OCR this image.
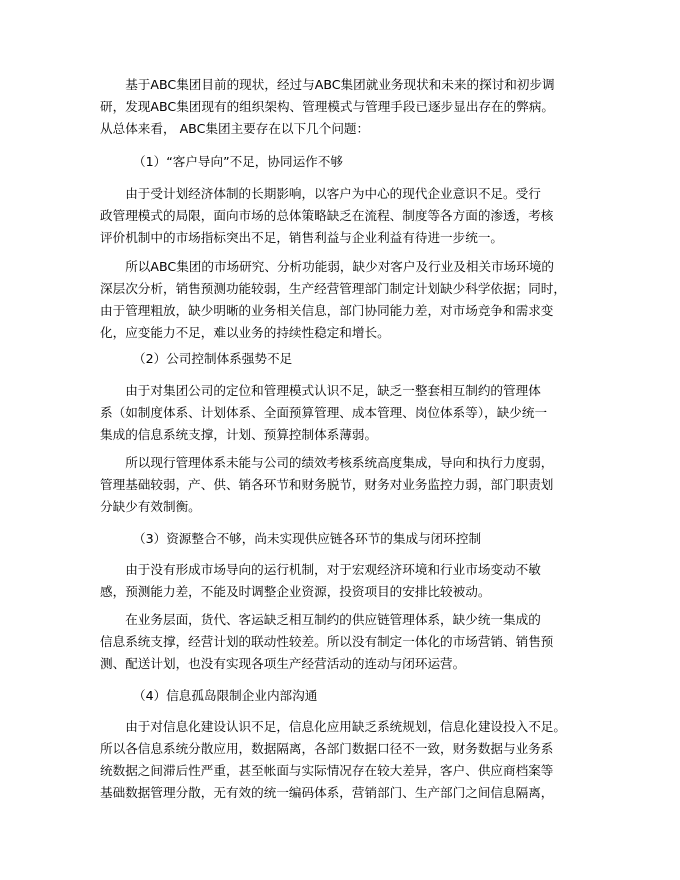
　　基于ABC集团目前的现状，经过与ABC集团就业务现状和未来的探讨和初步调
研，发现ABC集团现有的组织架构、管理模式与管理手段已逐步显出存在的弊病。
从总体来看， ABC集团主要存在以下几个问题：
（1）“客户导向”不足，协同运作不够
　　由于受计划经济体制的长期影响，以客户为中心的现代企业意识不足。受行
政管理模式的局限，面向市场的总体策略缺乏在流程、制度等各方面的渗透，考核
评价机制中的市场指标突出不足，销售利益与企业利益有待进一步统一。
　　所以ABC集团的市场研究、分析功能弱，缺少对客户及行业及相关市场环境的
深层次分析，销售预测功能较弱，生产经营管理部门制定计划缺少科学依据；同时，
由于管理粗放，缺少明晰的业务相关信息，部门协同能力差，对市场竞争和需求变
化，应变能力不足，难以业务的持续性稳定和增长。
（2）公司控制体系强势不足
　　由于对集团公司的定位和管理模式认识不足，缺乏一整套相互制约的管理体
系（如制度体系、计划体系、全面预算管理、成本管理、岗位体系等），缺少统一
集成的信息系统支撑，计划、预算控制体系薄弱。
　　所以现行管理体系未能与公司的绩效考核系统高度集成，导向和执行力度弱，
管理基础较弱，产、供、销各环节和财务脱节，财务对业务监控力弱，部门职责划
分缺少有效制衡。
（3）资源整合不够，尚未实现供应链各环节的集成与闭环控制
　　由于没有形成市场导向的运行机制，对于宏观经济环境和行业市场变动不敏
感，预测能力差，不能及时调整企业资源，投资项目的安排比较被动。
　　在业务层面，货代、客运缺乏相互制约的供应链管理体系，缺少统一集成的
信息系统支撑，经营计划的联动性较差。所以没有制定一体化的市场营销、销售预
测、配送计划，也没有实现各项生产经营活动的连动与闭环运营。
（4）信息孤岛限制企业内部沟通
　　由于对信息化建设认识不足，信息化应用缺乏系统规划，信息化建设投入不足。
所以各信息系统分散应用，数据隔离，各部门数据口径不一致，财务数据与业务系
统数据之间滞后性严重，甚至帐面与实际情况存在较大差异，客户、供应商档案等
基础数据管理分散，无有效的统一编码体系，营销部门、生产部门之间信息隔离，
